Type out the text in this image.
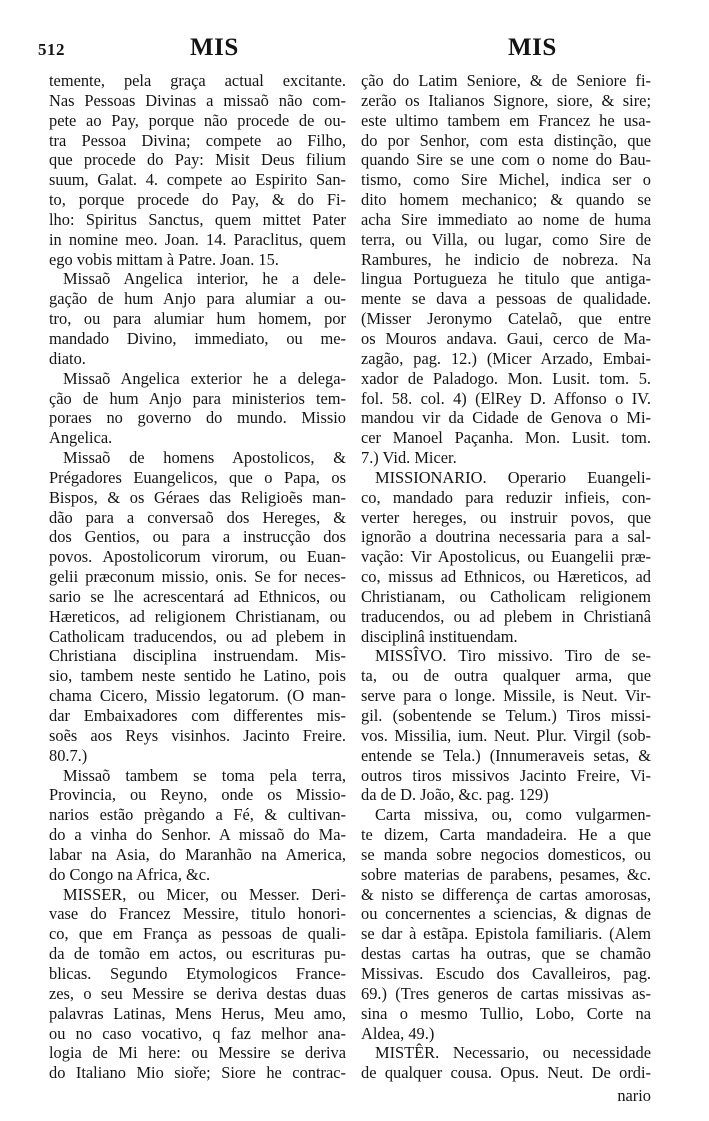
512	MIS	MIS
temente, pela graça actual excitante.
Nas Pessoas Divinas a missaõ não com-
pete ao Pay, porque não procede de ou-
tra Pessoa Divina; compete ao Filho,
que procede do Pay: Misit Deus filium
suum, Galat. 4. compete ao Espirito San-
to, porque procede do Pay, & do Fi-
lho: Spiritus Sanctus, quem mittet Pater
in nomine meo. Joan. 14. Paraclitus, quem
ego vobis mittam à Patre. Joan. 15.
Missaõ Angelica interior, he a dele-
gação de hum Anjo para alumiar a ou-
tro, ou para alumiar hum homem, por
mandado Divino, immediato, ou me-
diato.
Missaõ Angelica exterior he a delega-
ção de hum Anjo para ministerios tem-
poraes no governo do mundo. Missio
Angelica.
Missaõ de homens Apostolicos, &
Prégadores Euangelicos, que o Papa, os
Bispos, & os Géraes das Religioẽs man-
dão para a conversaõ dos Hereges, &
dos Gentios, ou para a instrucção dos
povos. Apostolicorum virorum, ou Euan-
gelii præconum missio, onis. Se for neces-
sario se lhe acrescentará ad Ethnicos, ou
Hæreticos, ad religionem Christianam, ou
Catholicam traducendos, ou ad plebem in
Christiana disciplina instruendam. Mis-
sio, tambem neste sentido he Latino, pois
chama Cicero, Missio legatorum. (O man-
dar Embaixadores com differentes mis-
soẽs aos Reys visinhos. Jacinto Freire.
80.7.)
Missaõ tambem se toma pela terra,
Provincia, ou Reyno, onde os Missio-
narios estão prègando a Fé, & cultivan-
do a vinha do Senhor. A missaõ do Ma-
labar na Asia, do Maranhão na America,
do Congo na Africa, &c.
MISSER, ou Micer, ou Messer. Deri-
vase do Francez Messire, titulo honori-
co, que em França as pessoas de quali-
da de tomão em actos, ou escrituras pu-
blicas. Segundo Etymologicos France-
zes, o seu Messire se deriva destas duas
palavras Latinas, Mens Herus, Meu amo,
ou no caso vocativo, q faz melhor ana-
logia de Mi here: ou Messire se deriva
do Italiano Mio sioře; Siore he contrac-
ção do Latim Seniore, & de Seniore fi-
zerão os Italianos Signore, siore, & sire;
este ultimo tambem em Francez he usa-
do por Senhor, com esta distinção, que
quando Sire se une com o nome do Bau-
tismo, como Sire Michel, indica ser o
dito homem mechanico; & quando se
acha Sire immediato ao nome de huma
terra, ou Villa, ou lugar, como Sire de
Rambures, he indicio de nobreza. Na
lingua Portugueza he titulo que antiga-
mente se dava a pessoas de qualidade.
(Misser Jeronymo Catelaõ, que entre
os Mouros andava. Gaui, cerco de Ma-
zagão, pag. 12.) (Micer Arzado, Embai-
xador de Paladogo. Mon. Lusit. tom. 5.
fol. 58. col. 4) (ElRey D. Affonso o IV.
mandou vir da Cidade de Genova o Mi-
cer Manoel Paçanha. Mon. Lusit. tom.
7.) Vid. Micer.
MISSIONARIO. Operario Euangeli-
co, mandado para reduzir infieis, con-
verter hereges, ou instruir povos, que
ignorão a doutrina necessaria para a sal-
vação: Vir Apostolicus, ou Euangelii præ-
co, missus ad Ethnicos, ou Hæreticos, ad
Christianam, ou Catholicam religionem
traducendos, ou ad plebem in Christianâ
disciplinâ instituendam.
MISSÎVO. Tiro missivo. Tiro de se-
ta, ou de outra qualquer arma, que
serve para o longe. Missile, is Neut. Vir-
gil. (sobentende se Telum.) Tiros missi-
vos. Missilia, ium. Neut. Plur. Virgil (sob-
entende se Tela.) (Innumeraveis setas, &
outros tiros missivos Jacinto Freire, Vi-
da de D. João, &c. pag. 129)
Carta missiva, ou, como vulgarmen-
te dizem, Carta mandadeira. He a que
se manda sobre negocios domesticos, ou
sobre materias de parabens, pesames, &c.
& nisto se differença de cartas amorosas,
ou concernentes a sciencias, & dignas de
se dar à estãpa. Epistola familiaris. (Alem
destas cartas ha outras, que se chamão
Missivas. Escudo dos Cavalleiros, pag.
69.) (Tres generos de cartas missivas as-
sina o mesmo Tullio, Lobo, Corte na
Aldea, 49.)
MISTÊR. Necessario, ou necessidade
de qualquer cousa. Opus. Neut. De ordi-
nario
